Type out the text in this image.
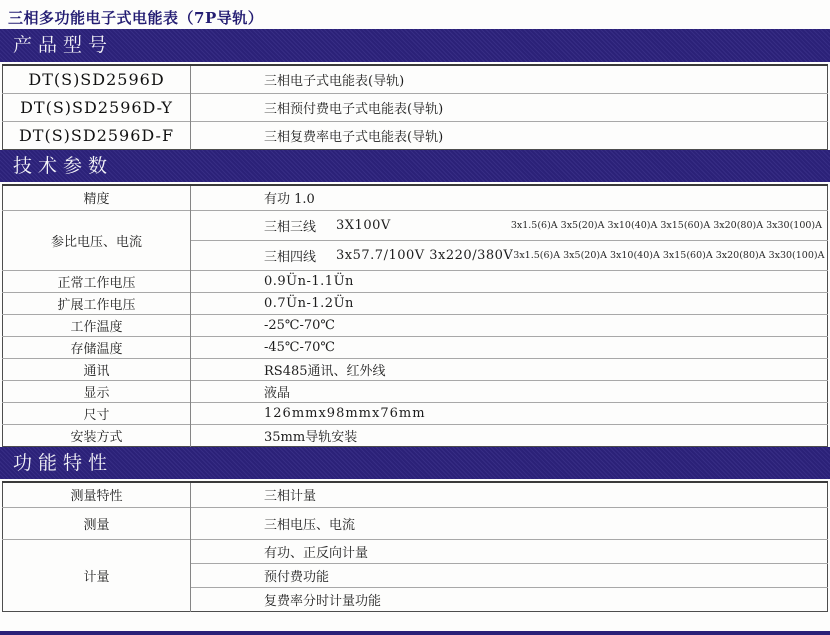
三相多功能电子式电能表（7P导轨）
产品型号
DT(S)SD2596D	三相电子式电能表(导轨)
DT(S)SD2596D-Y	三相预付费电子式电能表(导轨)
DT(S)SD2596D-F	三相复费率电子式电能表(导轨)
技术参数
精度	有功 1.0
参比电压、电流	三相三线 3X100V 3x1.5(6)A 3x5(20)A 3x10(40)A 3x15(60)A 3x20(80)A 3x30(100)A

	三相四线 3x57.7/100V 3x220/380V 3x1.5(6)A 3x5(20)A 3x10(40)A 3x15(60)A 3x20(80)A 3x30(100)A

正常工作电压	0.9Ün-1.1Ün
扩展工作电压	0.7Ün-1.2Ün
工作温度	-25℃-70℃
存储温度	-45℃-70℃
通讯	RS485通讯、红外线
显示	液晶
尺寸	126mmx98mmx76mm
安装方式	35mm导轨安装
功能特性
测量特性	三相计量
测量	三相电压、电流
计量	有功、正反向计量
	预付费功能
	复费率分时计量功能
